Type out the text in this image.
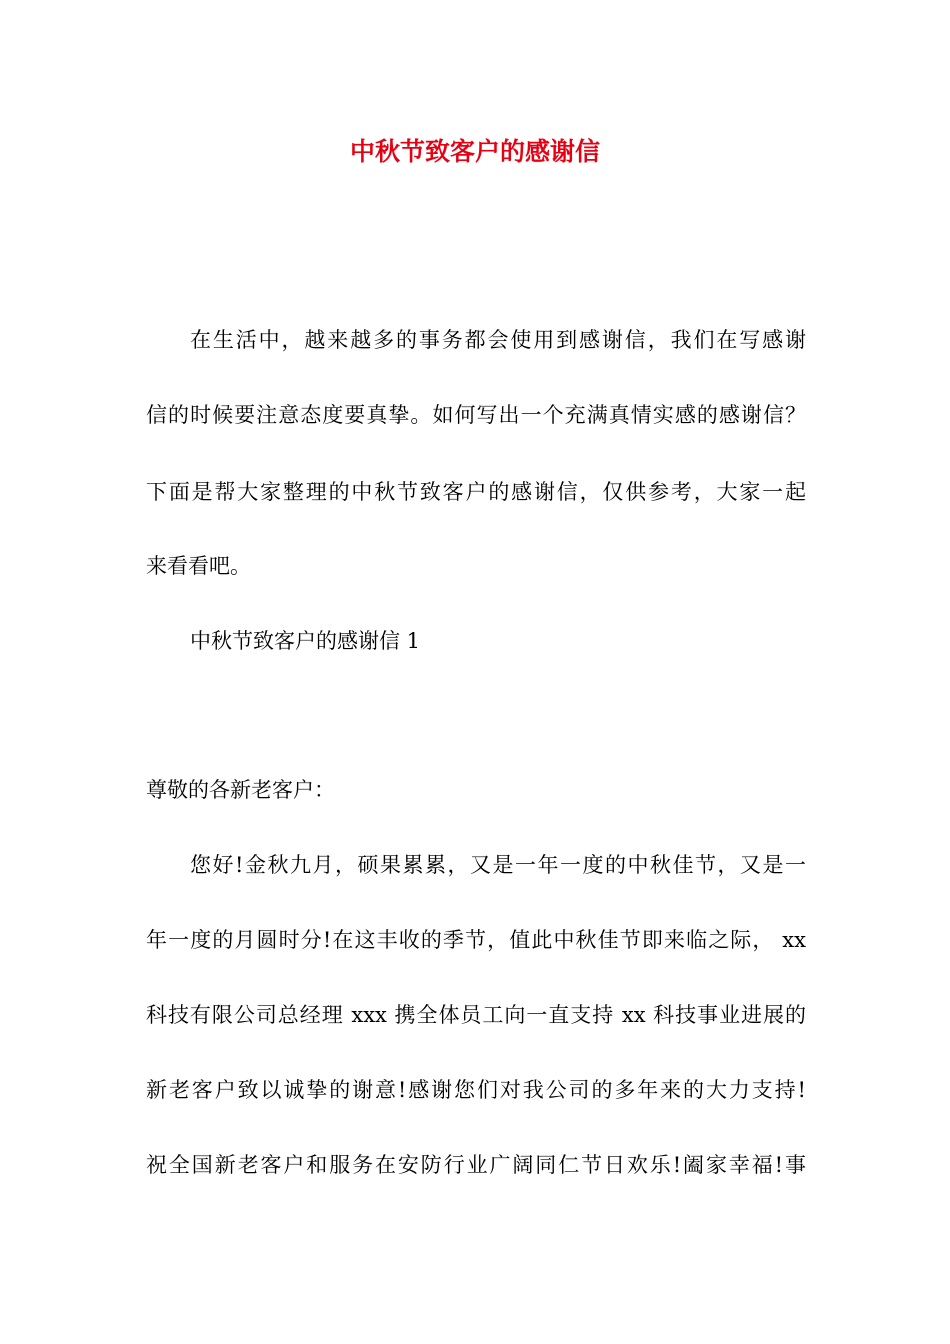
中秋节致客户的感谢信

在生活中，越来越多的事务都会使用到感谢信，我们在写感谢

信的时候要注意态度要真挚。如何写出一个充满真情实感的感谢信？

下面是帮大家整理的中秋节致客户的感谢信，仅供参考，大家一起

来看看吧。

中秋节致客户的感谢信 1

尊敬的各新老客户：

您好!金秋九月，硕果累累，又是一年一度的中秋佳节，又是一

年一度的月圆时分!在这丰收的季节，值此中秋佳节即来临之际， xx

科技有限公司总经理 xxx 携全体员工向一直支持 xx 科技事业进展的

新老客户致以诚挚的谢意!感谢您们对我公司的多年来的大力支持!

祝全国新老客户和服务在安防行业广阔同仁节日欢乐!阖家幸福!事
